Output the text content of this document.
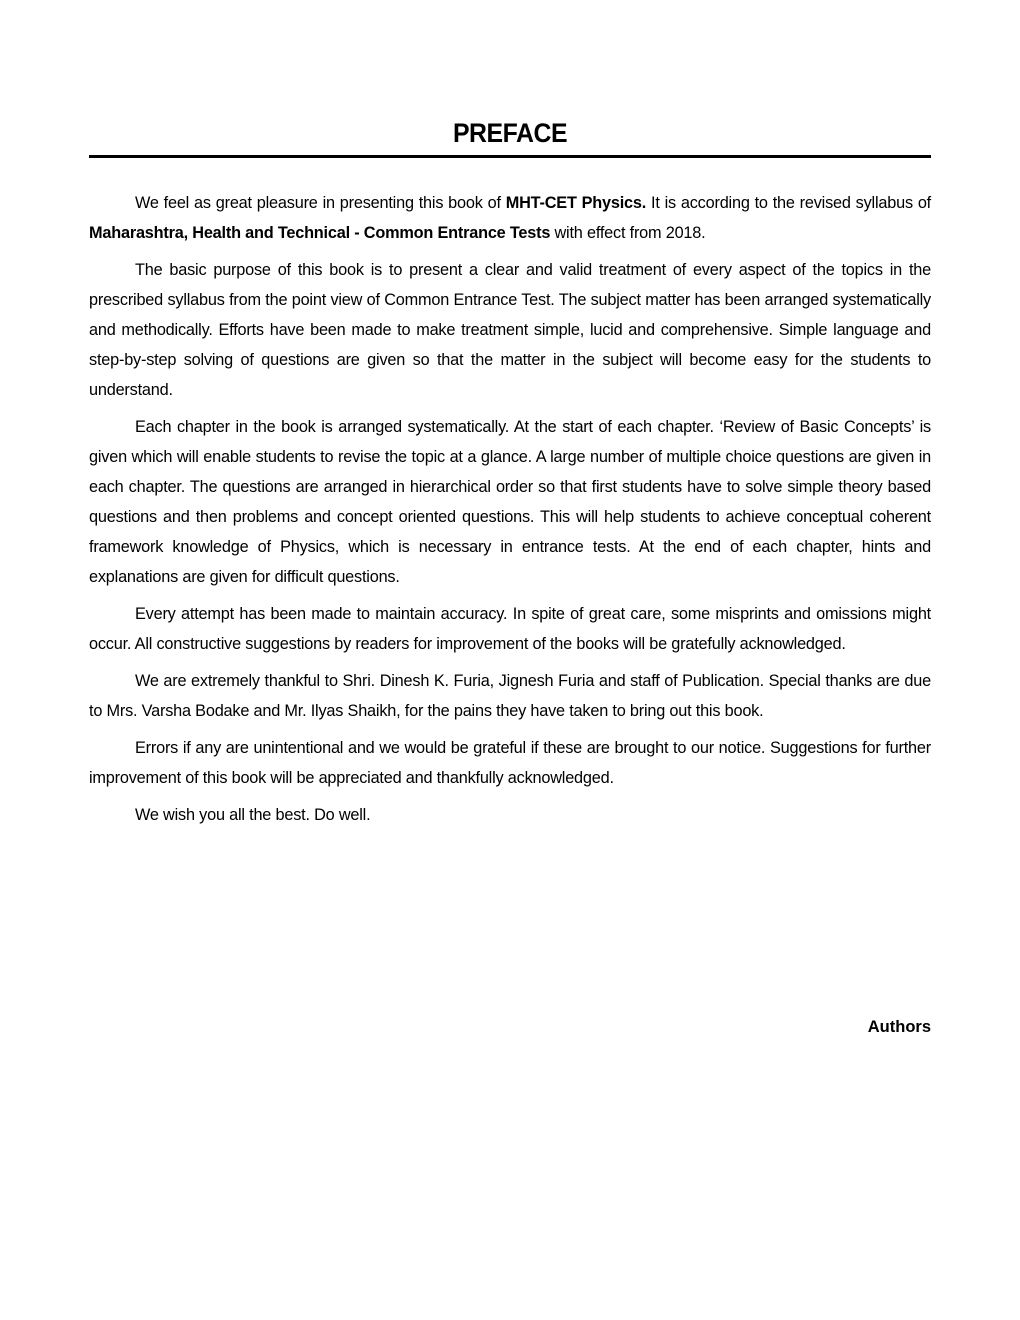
PREFACE

We feel as great pleasure in presenting this book of MHT-CET Physics. It is according to the revised syllabus of Maharashtra, Health and Technical - Common Entrance Tests with effect from 2018.

The basic purpose of this book is to present a clear and valid treatment of every aspect of the topics in the prescribed syllabus from the point view of Common Entrance Test. The subject matter has been arranged systematically and methodically. Efforts have been made to make treatment simple, lucid and comprehensive. Simple language and step-by-step solving of questions are given so that the matter in the subject will become easy for the students to understand.

Each chapter in the book is arranged systematically. At the start of each chapter. ‘Review of Basic Concepts’ is given which will enable students to revise the topic at a glance. A large number of multiple choice questions are given in each chapter. The questions are arranged in hierarchical order so that first students have to solve simple theory based questions and then problems and concept oriented questions. This will help students to achieve conceptual coherent framework knowledge of Physics, which is necessary in entrance tests. At the end of each chapter, hints and explanations are given for difficult questions.

Every attempt has been made to maintain accuracy. In spite of great care, some misprints and omissions might occur. All constructive suggestions by readers for improvement of the books will be gratefully acknowledged.

We are extremely thankful to Shri. Dinesh K. Furia, Jignesh Furia and staff of Publication. Special thanks are due to Mrs. Varsha Bodake and Mr. Ilyas Shaikh, for the pains they have taken to bring out this book.

Errors if any are unintentional and we would be grateful if these are brought to our notice. Suggestions for further improvement of this book will be appreciated and thankfully acknowledged.

We wish you all the best. Do well.

Authors
